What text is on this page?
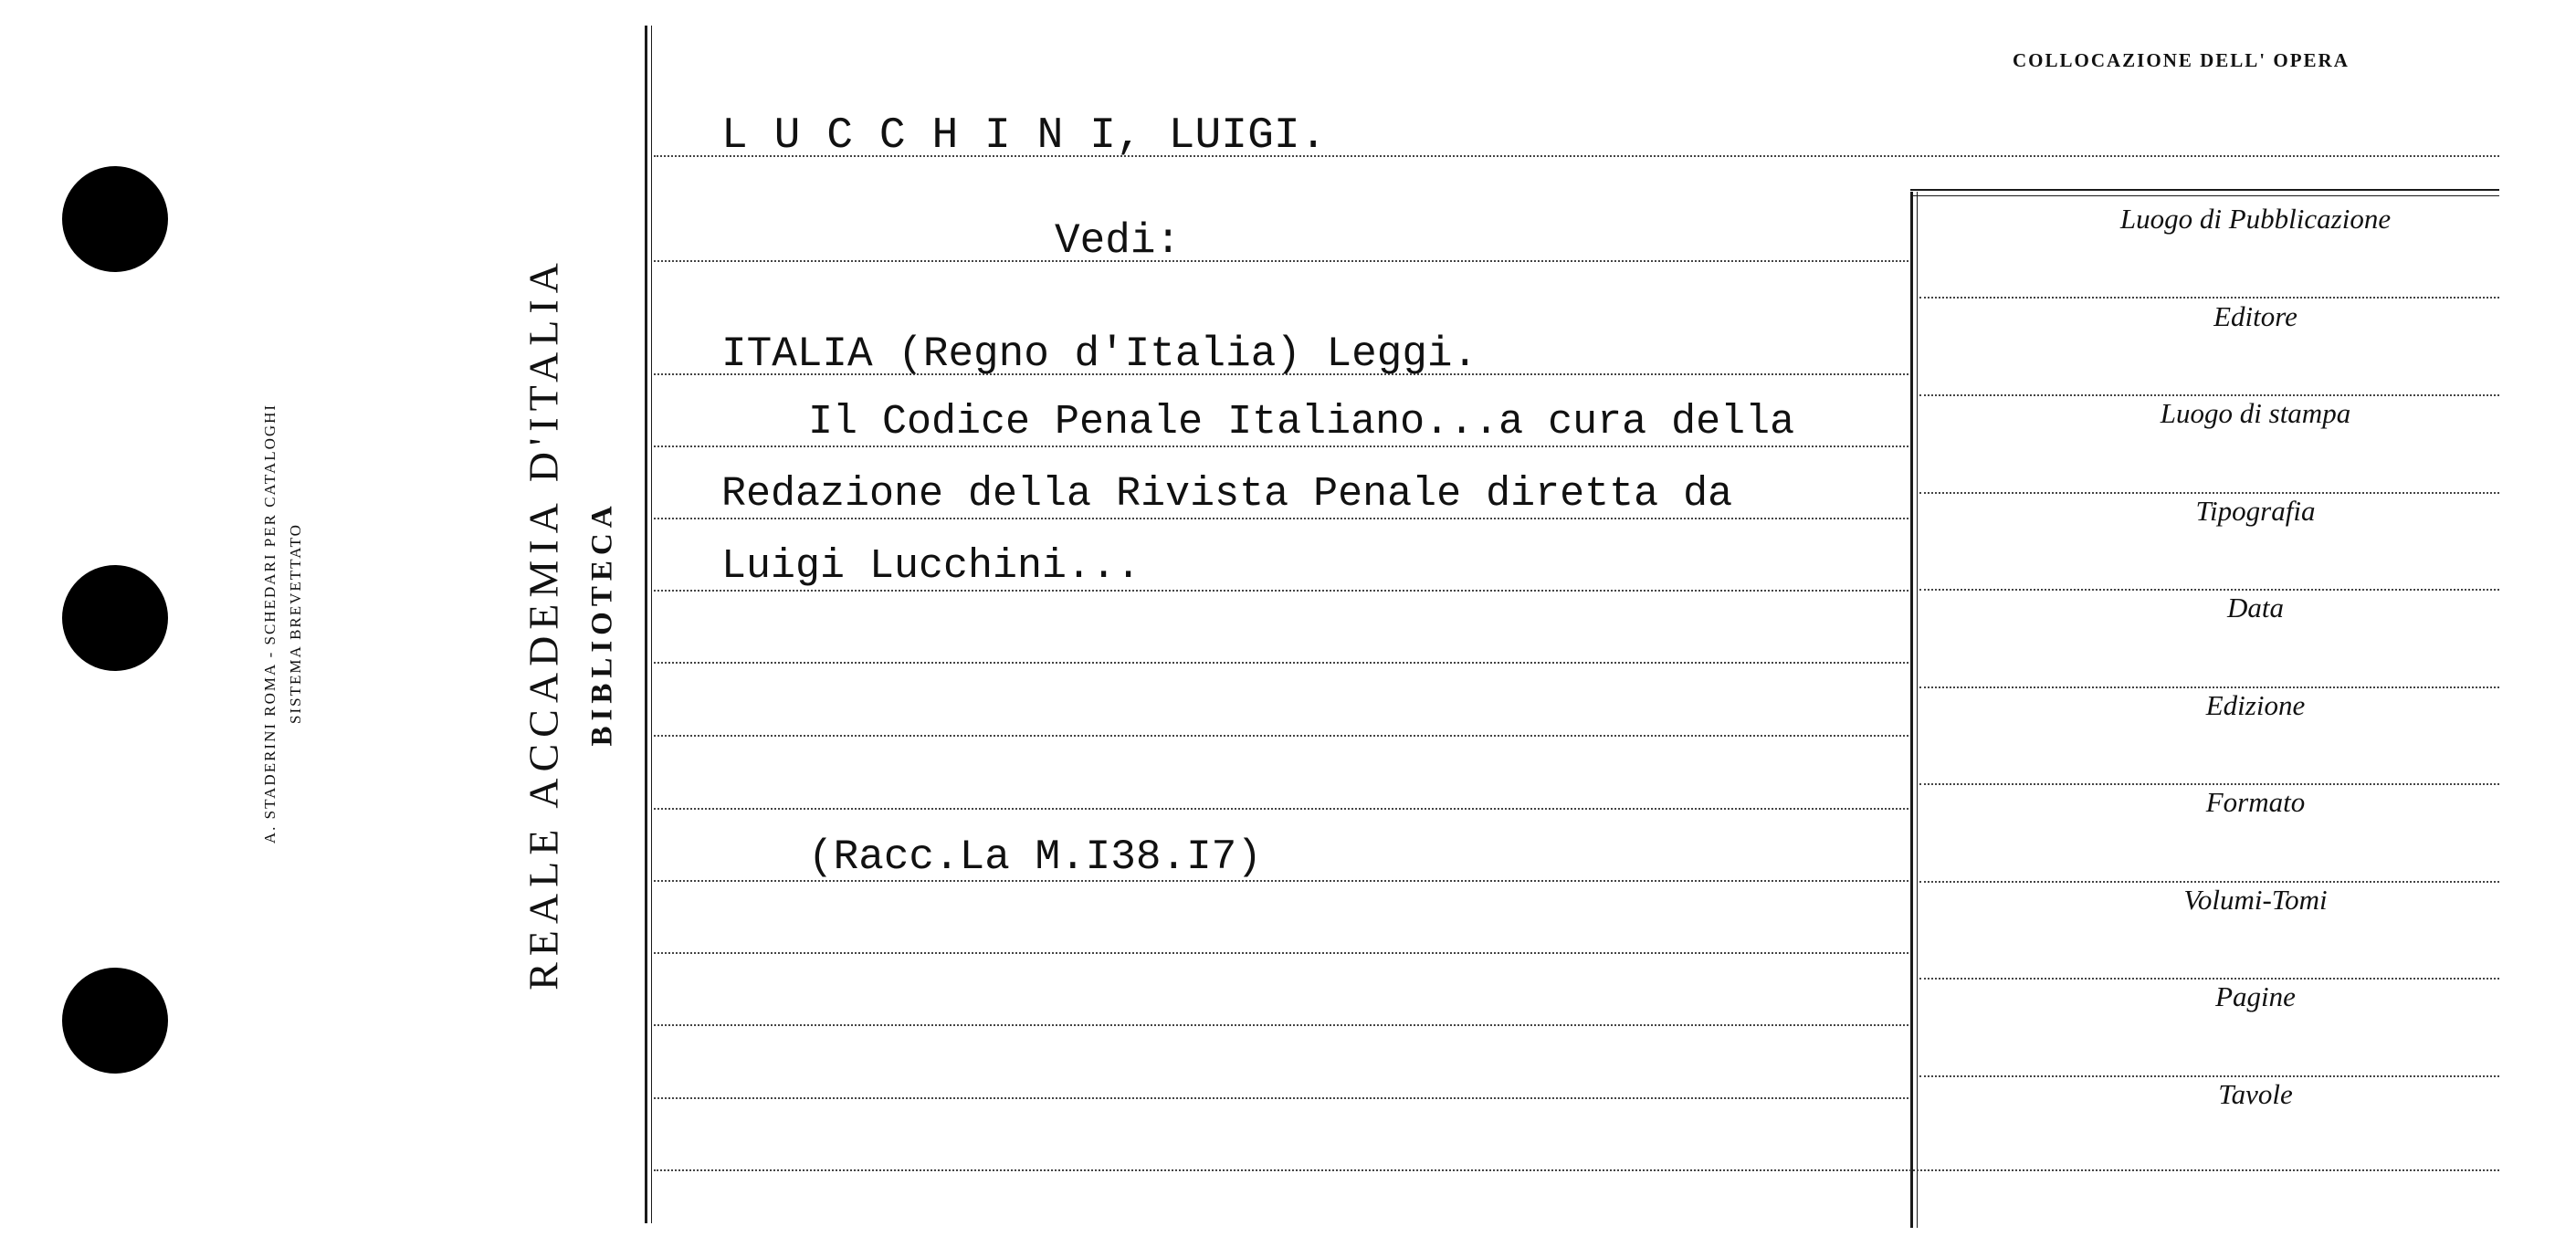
A. STADERINI ROMA - SCHEDARI PER CATALOGHI SISTEMA BREVETTATO	REALE ACCADEMIA D'ITALIA BIBLIOTECA
COLLOCAZIONE DELL' OPERA
Luogo di Pubblicazione
Editore
Luogo di stampa
Tipografia
Data
Edizione
Formato
Volumi-Tomi
Pagine
Tavole
L U C C H I N I, LUIGI.
Vedi:
ITALIA (Regno d'Italia) Leggi.
Il Codice Penale Italiano...a cura della
Redazione della Rivista Penale diretta da
Luigi Lucchini...
(Racc.La M.I38.I7)
